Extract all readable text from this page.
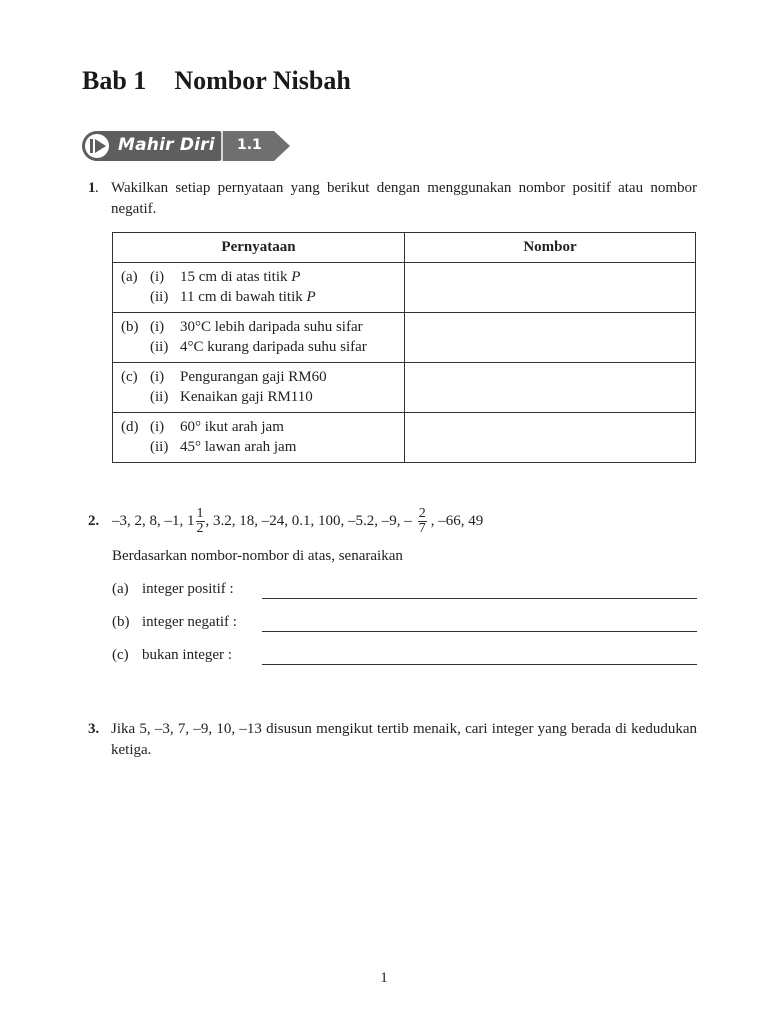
Bab 1 Nombor Nisbah
Mahir Diri 1.1
1 . Wakilkan setiap pernyataan yang berikut dengan menggunakan nombor positif atau nombor negatif.
Pernyataan	Nombor

(a) (i) 15 cm di atas titik P
(ii) 11 cm di bawah titik P	

(b) (i) 30°C lebih daripada suhu sifar
(ii) 4°C kurang daripada suhu sifar	

(c) (i) Pengurangan gaji RM60
(ii) Kenaikan gaji RM110	

(d) (i) 60° ikut arah jam
(ii) 45° lawan arah jam	

2. –3, 2, 8, –1, $1 \frac{1}{2}$ , 3.2, 18, –24, 0.1, 100, –5.2, –9, – $\frac{2}{7}$ , –66, 49
Berdasarkan nombor-nombor di atas, senaraikan
(a) integer positif :
(b) integer negatif :
(c) bukan integer :
3. Jika 5, –3, 7, –9, 10, –13 disusun mengikut tertib menaik, cari integer yang berada di kedudukan ketiga.
1
